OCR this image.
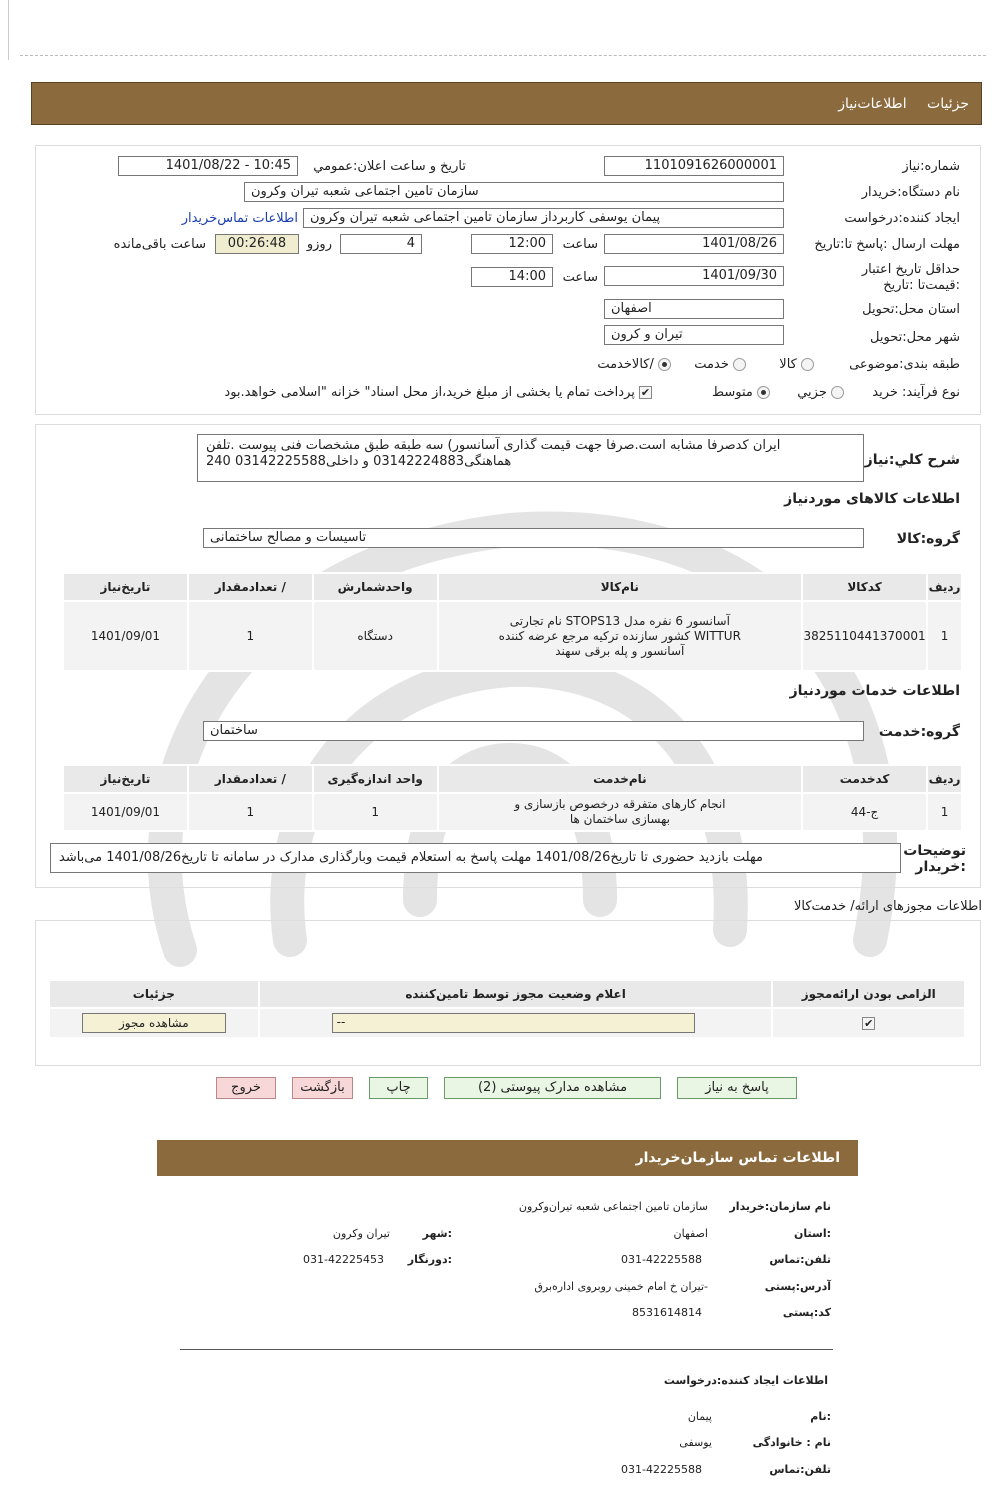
جزئیات اطلاعات‌نیاز
شماره:نیاز
1101091626000001
تاریخ و ساعت اعلان:عمومي
1401/08/22 - 10:45
نام دستگاه:خریدار
سازمان تامین اجتماعی شعبه تیران وکرون
ایجاد کننده:درخواست
پیمان یوسفی کاربرداز سازمان تامین اجتماعی شعبه تیران وکرون
اطلاعات تماس‌خریدار
مهلت ارسال :پاسخ تا:تاریخ
1401/08/26
ساعت
12:00
4
روزو
00:26:48
ساعت باقی‌مانده
حداقل تاریخ اعتبار :قیمت‌تا :تاریخ
1401/09/30
ساعت
14:00
استان محل:تحویل
اصفهان
شهر محل:تحویل
تیران و کرون
طبقه بندی:موضوعی
کالا
خدمت
/کالاخدمت
نوع فرآیند: خرید
جزیي
متوسط
✔ پرداخت تمام یا بخشی از مبلغ خرید،از محل اسناد" خزانه "اسلامی خواهد.بود
شرح کلي:نیاز
ایران کدصرفا مشابه است.صرفا جهت قیمت گذاری آسانسور) سه طبقه طبق مشخصات فنی پیوست .تلفن هماهنگی03142224883 و داخلی03142225588 240
اطلاعات کالاهای موردنیاز
گروه:کالا
تاسیسات و مصالح ساختمانی
ردیف	کدکالا	نام‌کالا	واحدشمارش	/ تعدادمقدار	تاریخ‌نیاز
1	3825110441370001	آسانسور 6 نفره مدل STOPS13 نام تجارتی WITTUR کشور سازنده ترکیه مرجع عرضه کننده آسانسور و پله برقی سهند	دستگاه	1	1401/09/01
اطلاعات خدمات موردنیاز
گروه:خدمت
ساختمان
ردیف	کدخدمت	نام‌خدمت	واحد اندازه‌گیری	/ تعدادمقدار	تاریخ‌نیاز
1	ج-44	انجام کارهای متفرقه درخصوص بازسازی و بهسازی ساختمان ها	1	1	1401/09/01
توضیحات :خریدار
مهلت بازدید حضوری تا تاریخ1401/08/26 مهلت پاسخ به استعلام قیمت وبارگذاری مدارک در سامانه تا تاریخ1401/08/26 می‌باشد
اطلاعات مجوزهای ارائه/ خدمت‌کالا
الزامی بودن ارائه‌مجوز	اعلام وضعیت مجوز توسط تامین‌کننده	جزئیات
✔	--	مشاهده مجوز
پاسخ به نیاز
مشاهده مدارک پیوستی (2)
چاپ
بازگشت
خروج
اطلاعات تماس سازمان‌خریدار
نام سازمان:خریدار
سازمان تامین اجتماعی شعبه تیران‌وکرون
:استان
اصفهان
:شهر
تیران وکرون
تلفن:تماس
031-42225588
:دورنگار
031-42225453
آدرس:پستی
-تیران خ امام خمینی روبروی اداره‌برق
کد:پستی
8531614814
اطلاعات ایجاد کننده:درخواست
:نام
پیمان
نام : خانوادگی
یوسفی
تلفن:تماس
031-42225588
